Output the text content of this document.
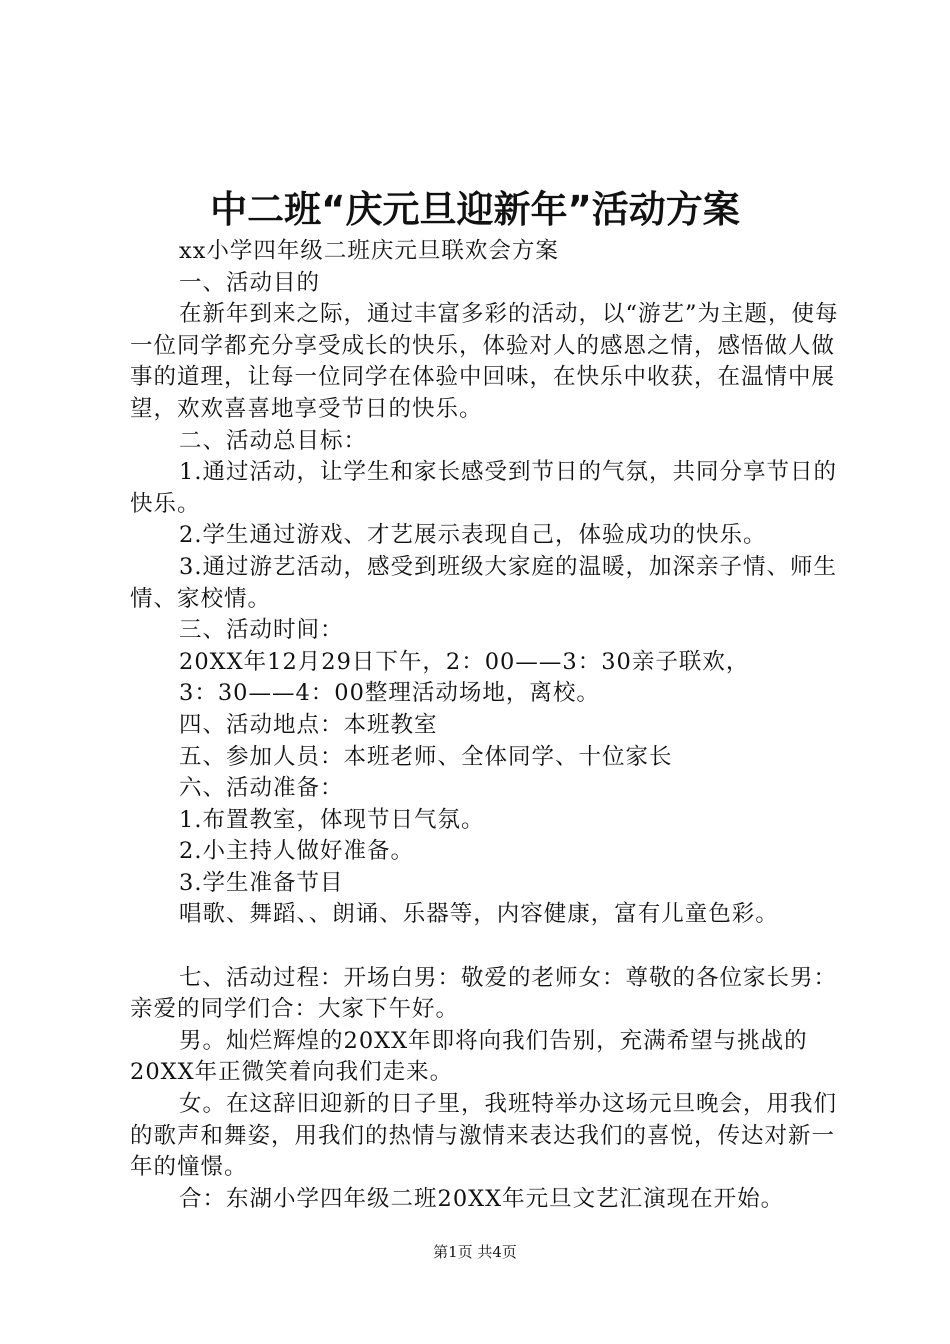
中二班“庆元旦迎新年”活动方案

xx小学四年级二班庆元旦联欢会方案

一、活动目的

在新年到来之际，通过丰富多彩的活动，以“游艺”为主题，使每一位同学都充分享受成长的快乐，体验对人的感恩之情，感悟做人做事的道理，让每一位同学在体验中回味，在快乐中收获，在温情中展望，欢欢喜喜地享受节日的快乐。

二、活动总目标：

1.通过活动，让学生和家长感受到节日的气氛，共同分享节日的快乐。

2.学生通过游戏、才艺展示表现自己，体验成功的快乐。

3.通过游艺活动，感受到班级大家庭的温暖，加深亲子情、师生情、家校情。

三、活动时间：

20XX年12月29日下午，2：00——3：30亲子联欢，

3：30——4：00整理活动场地，离校。

四、活动地点：本班教室

五、参加人员：本班老师、全体同学、十位家长

六、活动准备：

1.布置教室，体现节日气氛。

2.小主持人做好准备。

3.学生准备节目

唱歌、舞蹈、、朗诵、乐器等，内容健康，富有儿童色彩。

七、活动过程：开场白男：敬爱的老师女：尊敬的各位家长男：亲爱的同学们合：大家下午好。

男。灿烂辉煌的20XX年即将向我们告别，充满希望与挑战的20XX年正微笑着向我们走来。

女。在这辞旧迎新的日子里，我班特举办这场元旦晚会，用我们的歌声和舞姿，用我们的热情与激情来表达我们的喜悦，传达对新一年的憧憬。

合：东湖小学四年级二班20XX年元旦文艺汇演现在开始。

第1页 共4页
